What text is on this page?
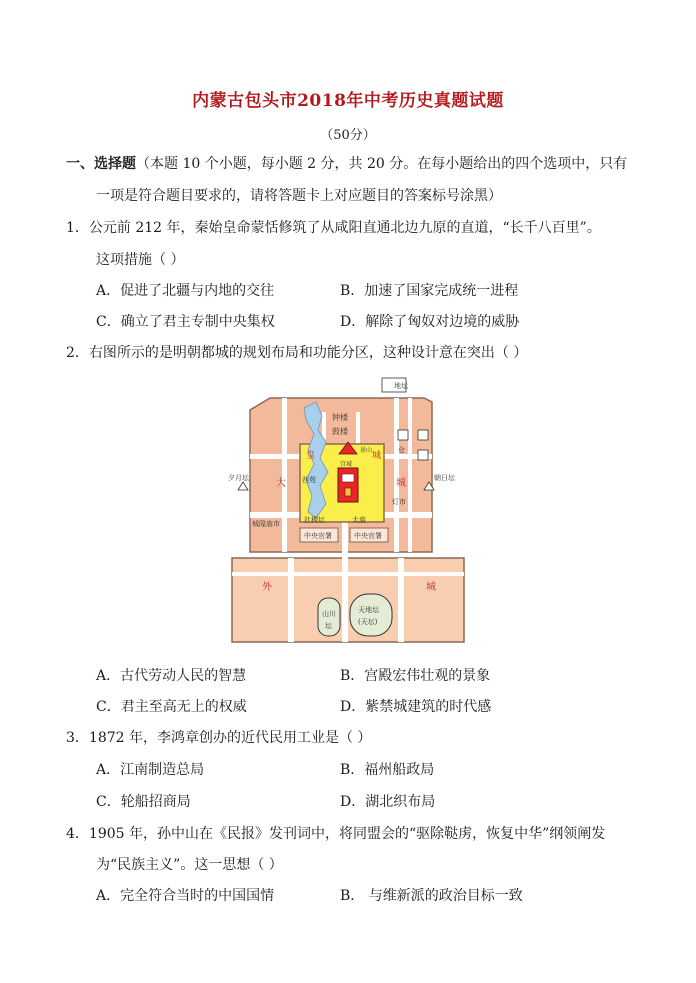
内蒙古包头市2018年中考历史真题试题
（50分）
一、选择题（本题 10 个小题，每小题 2 分，共 20 分。在每小题给出的四个选项中，只有
一项是符合题目要求的，请将答题卡上对应题目的答案标号涂黑）
1．公元前 212 年，秦始皇命蒙恬修筑了从咸阳直通北边九原的直道，“长千八百里”。
这项措施（ ）
A．促进了北疆与内地的交往	B．加速了国家完成统一进程
C．确立了君主专制中央集权	D．解除了匈奴对边境的威胁
2．右图所示的是明朝都城的规划布局和功能分区，这种设计意在突出（ ）
地坛
钟楼
鼓楼
皇	城
大	城
西苑
宫城
景山
夕月坛	朝日坛
城隍庙市
灯市
仓
社稷坛	太庙
中央官署	中央官署
外	城
山川
坛
天地坛
(天坛)
A．古代劳动人民的智慧	B．宫殿宏伟壮观的景象
C．君主至高无上的权威	D．紫禁城建筑的时代感
3．1872 年，李鸿章创办的近代民用工业是（ ）
A．江南制造总局	B．福州船政局
C．轮船招商局	D．湖北织布局
4．1905 年，孙中山在《民报》发刊词中，将同盟会的“驱除鞑虏，恢复中华”纲领阐发
为“民族主义”。这一思想（ ）
A．完全符合当时的中国国情	B． 与维新派的政治目标一致
